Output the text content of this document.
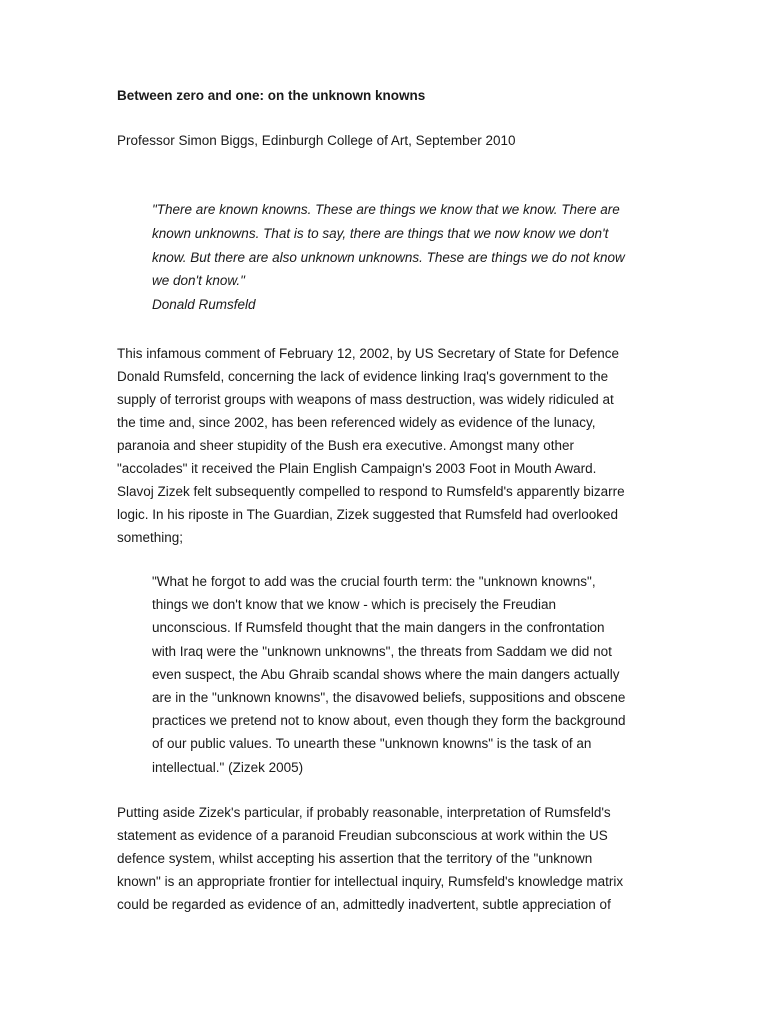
Between zero and one: on the unknown knowns
Professor Simon Biggs, Edinburgh College of Art, September 2010
"There are known knowns. These are things we know that we know. There are
known unknowns. That is to say, there are things that we now know we don't
know. But there are also unknown unknowns. These are things we do not know
we don't know."
Donald Rumsfeld
This infamous comment of February 12, 2002, by US Secretary of State for Defence
Donald Rumsfeld, concerning the lack of evidence linking Iraq's government to the
supply of terrorist groups with weapons of mass destruction, was widely ridiculed at
the time and, since 2002, has been referenced widely as evidence of the lunacy,
paranoia and sheer stupidity of the Bush era executive. Amongst many other
"accolades" it received the Plain English Campaign's 2003 Foot in Mouth Award.
Slavoj Zizek felt subsequently compelled to respond to Rumsfeld's apparently bizarre
logic. In his riposte in The Guardian, Zizek suggested that Rumsfeld had overlooked
something;
"What he forgot to add was the crucial fourth term: the "unknown knowns",
things we don't know that we know - which is precisely the Freudian
unconscious. If Rumsfeld thought that the main dangers in the confrontation
with Iraq were the "unknown unknowns", the threats from Saddam we did not
even suspect, the Abu Ghraib scandal shows where the main dangers actually
are in the "unknown knowns", the disavowed beliefs, suppositions and obscene
practices we pretend not to know about, even though they form the background
of our public values. To unearth these "unknown knowns" is the task of an
intellectual." (Zizek 2005)
Putting aside Zizek's particular, if probably reasonable, interpretation of Rumsfeld's
statement as evidence of a paranoid Freudian subconscious at work within the US
defence system, whilst accepting his assertion that the territory of the "unknown
known" is an appropriate frontier for intellectual inquiry, Rumsfeld's knowledge matrix
could be regarded as evidence of an, admittedly inadvertent, subtle appreciation of
